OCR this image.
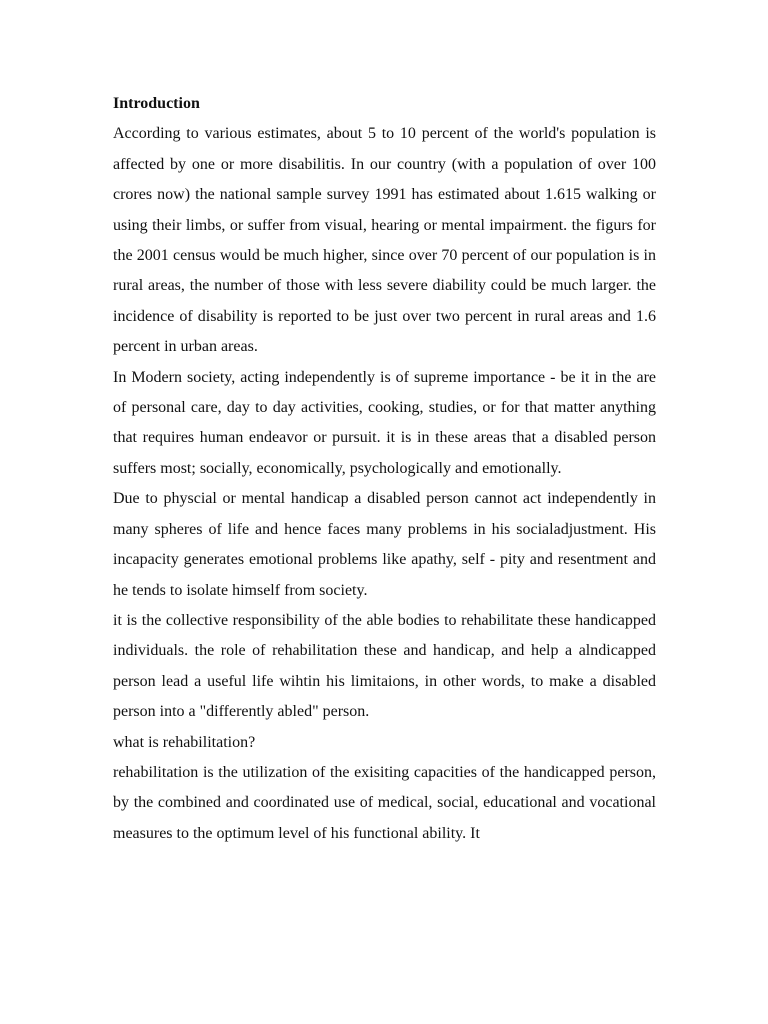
Introduction

According to various estimates, about 5 to 10 percent of the world's population is affected by one or more disabilitis. In our country (with a population of over 100 crores now) the national sample survey 1991 has estimated about 1.615 walking or using their limbs, or suffer from visual, hearing or mental impairment. the figurs for the 2001 census would be much higher, since over 70 percent of our population is in rural areas, the number of those with less severe diability could be much larger. the incidence of disability is reported to be just over two percent in rural areas and 1.6 percent in urban areas.

In Modern society, acting independently is of supreme importance - be it in the are of personal care, day to day activities, cooking, studies, or for that matter anything that requires human endeavor or pursuit. it is in these areas that a disabled person suffers most; socially, economically, psychologically and emotionally.

Due to physcial or mental handicap a disabled person cannot act independently in many spheres of life and hence faces many problems in his socialadjustment. His incapacity generates emotional problems like apathy, self - pity and resentment and he tends to isolate himself from society.

it is the collective responsibility of the able bodies to rehabilitate these handicapped individuals. the role of rehabilitation these and handicap, and help a alndicapped person lead a useful life wihtin his limitaions, in other words, to make a disabled person into a "differently abled" person.

what is rehabilitation?

rehabilitation is the utilization of the exisiting capacities of the handicapped person, by the combined and coordinated use of medical, social, educational and vocational measures to the optimum level of his functional ability. It
